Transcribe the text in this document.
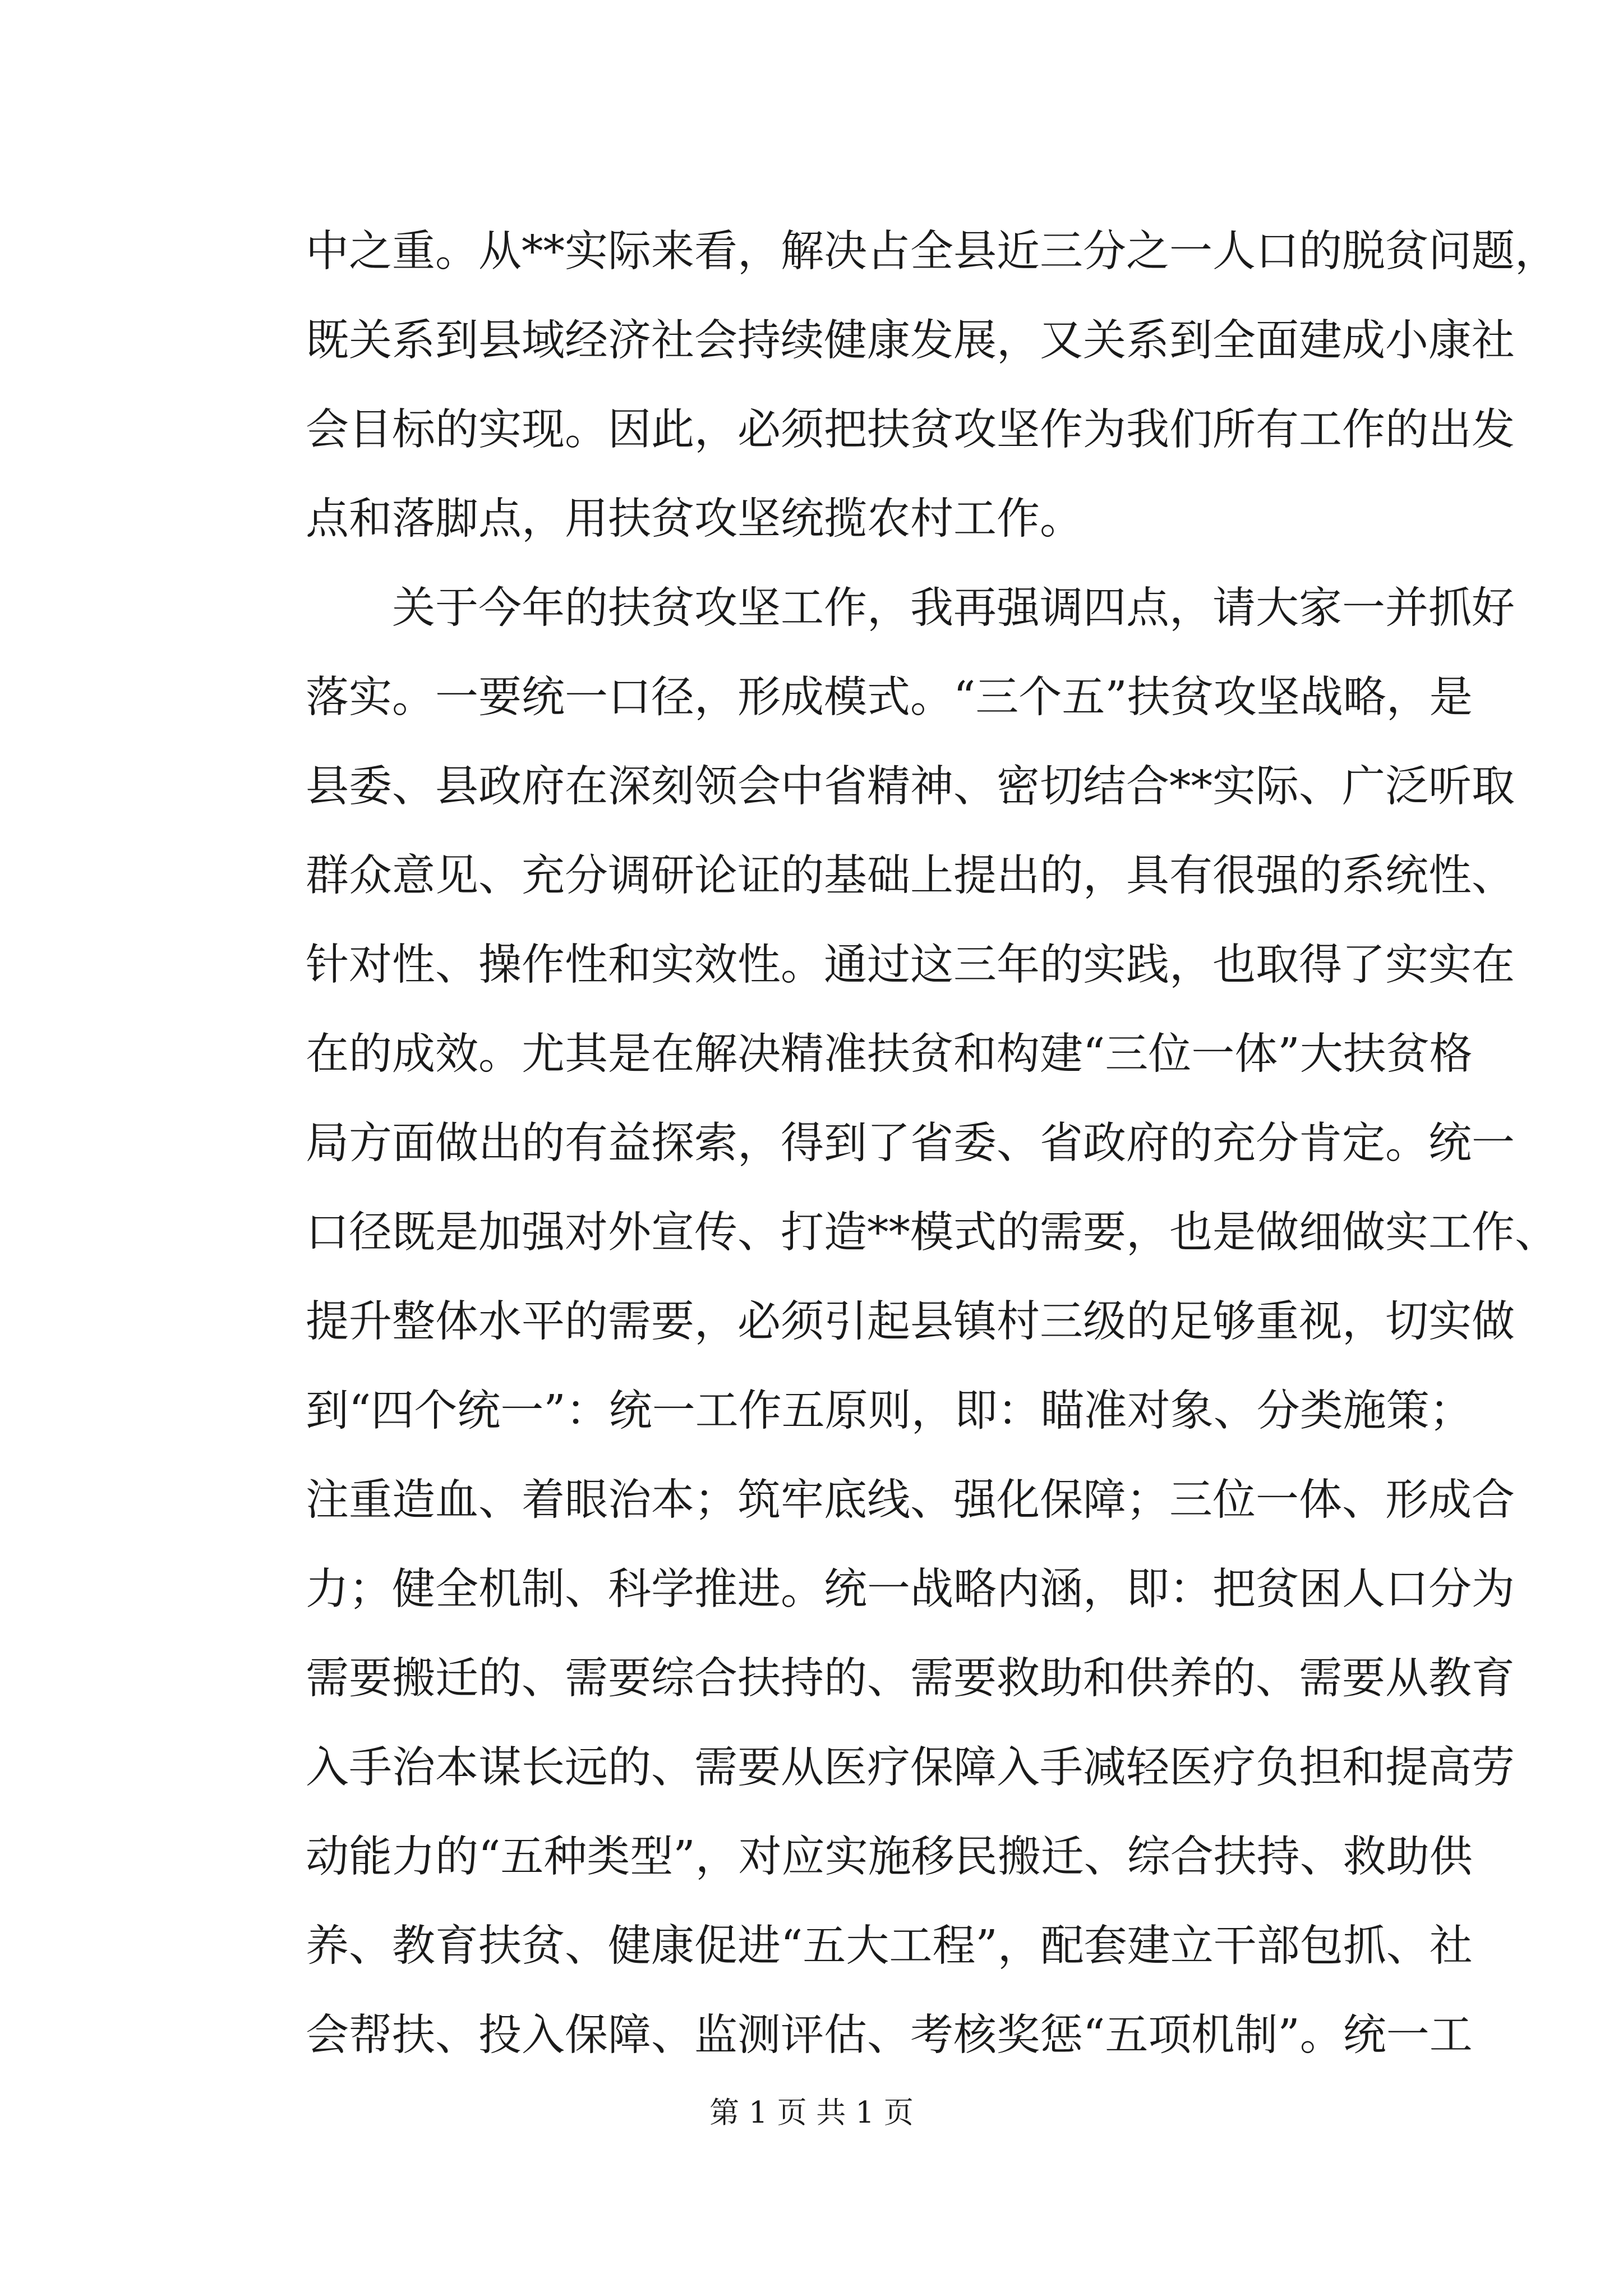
中之重。从**实际来看，解决占全县近三分之一人口的脱贫问题，
既关系到县域经济社会持续健康发展，又关系到全面建成小康社
会目标的实现。因此，必须把扶贫攻坚作为我们所有工作的出发
点和落脚点，用扶贫攻坚统揽农村工作。
关于今年的扶贫攻坚工作，我再强调四点，请大家一并抓好
落实。一要统一口径，形成模式。“三个五”扶贫攻坚战略，是
县委、县政府在深刻领会中省精神、密切结合**实际、广泛听取
群众意见、充分调研论证的基础上提出的，具有很强的系统性、
针对性、操作性和实效性。通过这三年的实践，也取得了实实在
在的成效。尤其是在解决精准扶贫和构建“三位一体”大扶贫格
局方面做出的有益探索，得到了省委、省政府的充分肯定。统一
口径既是加强对外宣传、打造**模式的需要，也是做细做实工作、
提升整体水平的需要，必须引起县镇村三级的足够重视，切实做
到“四个统一”：统一工作五原则，即：瞄准对象、分类施策；
注重造血、着眼治本；筑牢底线、强化保障；三位一体、形成合
力；健全机制、科学推进。统一战略内涵，即：把贫困人口分为
需要搬迁的、需要综合扶持的、需要救助和供养的、需要从教育
入手治本谋长远的、需要从医疗保障入手减轻医疗负担和提高劳
动能力的“五种类型”，对应实施移民搬迁、综合扶持、救助供
养、教育扶贫、健康促进“五大工程”，配套建立干部包抓、社
会帮扶、投入保障、监测评估、考核奖惩“五项机制”。统一工
第 1 页 共 1 页
